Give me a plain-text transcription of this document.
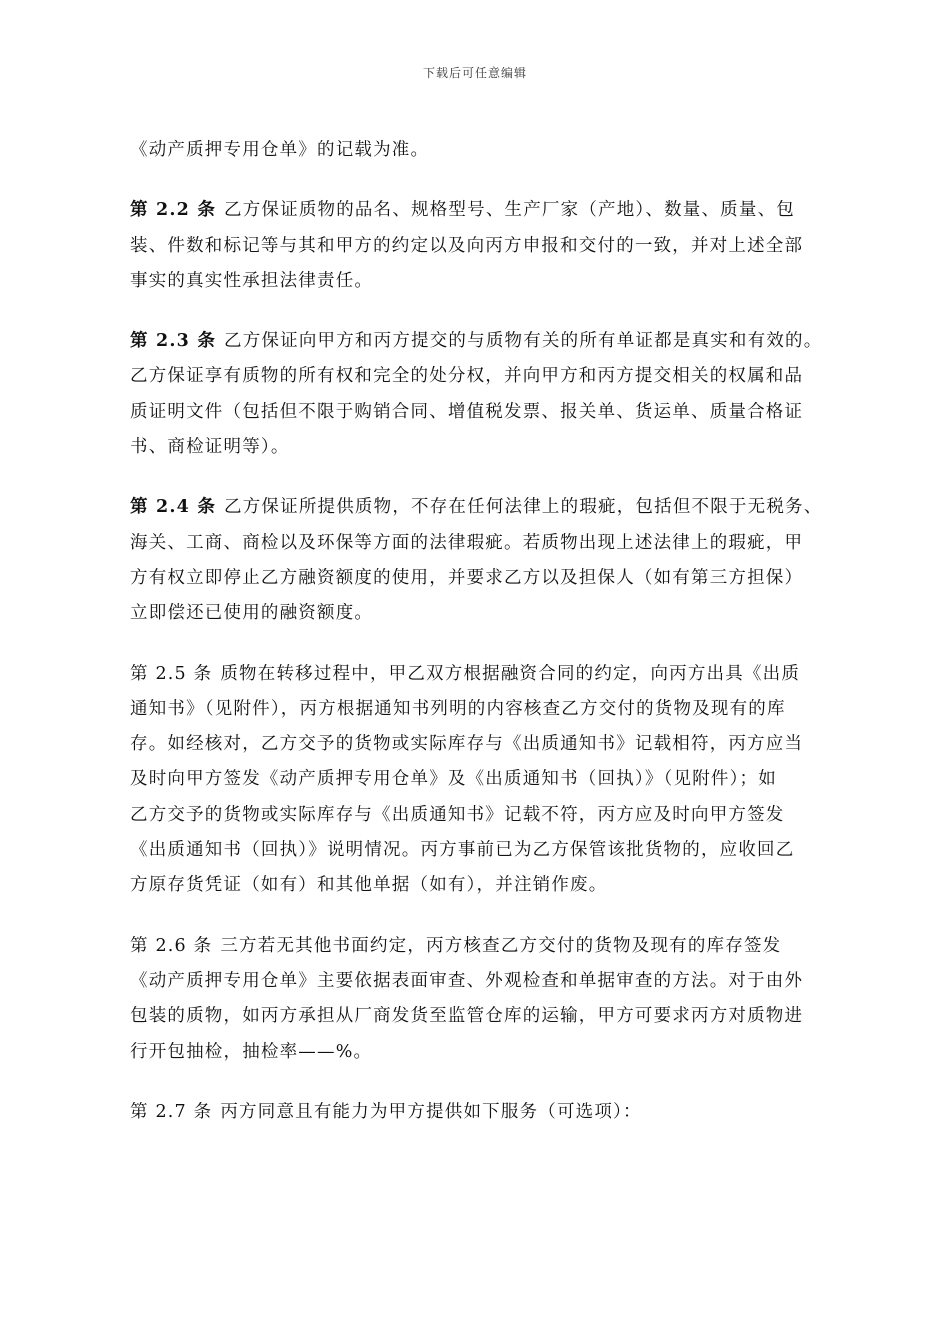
下载后可任意编辑

《动产质押专用仓单》的记载为准。

第 2.2 条 乙方保证质物的品名、规格型号、生产厂家（产地）、数量、质量、包
装、件数和标记等与其和甲方的约定以及向丙方申报和交付的一致，并对上述全部
事实的真实性承担法律责任。

第 2.3 条 乙方保证向甲方和丙方提交的与质物有关的所有单证都是真实和有效的。
乙方保证享有质物的所有权和完全的处分权，并向甲方和丙方提交相关的权属和品
质证明文件（包括但不限于购销合同、增值税发票、报关单、货运单、质量合格证
书、商检证明等）。

第 2.4 条 乙方保证所提供质物，不存在任何法律上的瑕疵，包括但不限于无税务、
海关、工商、商检以及环保等方面的法律瑕疵。若质物出现上述法律上的瑕疵，甲
方有权立即停止乙方融资额度的使用，并要求乙方以及担保人（如有第三方担保）
立即偿还已使用的融资额度。

第 2.5 条 质物在转移过程中，甲乙双方根据融资合同的约定，向丙方出具《出质
通知书》（见附件），丙方根据通知书列明的内容核查乙方交付的货物及现有的库
存。如经核对，乙方交予的货物或实际库存与《出质通知书》记载相符，丙方应当
及时向甲方签发《动产质押专用仓单》及《出质通知书（回执）》（见附件）；如
乙方交予的货物或实际库存与《出质通知书》记载不符，丙方应及时向甲方签发
《出质通知书（回执）》说明情况。丙方事前已为乙方保管该批货物的，应收回乙
方原存货凭证（如有）和其他单据（如有），并注销作废。

第 2.6 条 三方若无其他书面约定，丙方核查乙方交付的货物及现有的库存签发
《动产质押专用仓单》主要依据表面审查、外观检查和单据审查的方法。对于由外
包装的质物，如丙方承担从厂商发货至监管仓库的运输，甲方可要求丙方对质物进
行开包抽检，抽检率——%。

第 2.7 条 丙方同意且有能力为甲方提供如下服务（可选项）：
